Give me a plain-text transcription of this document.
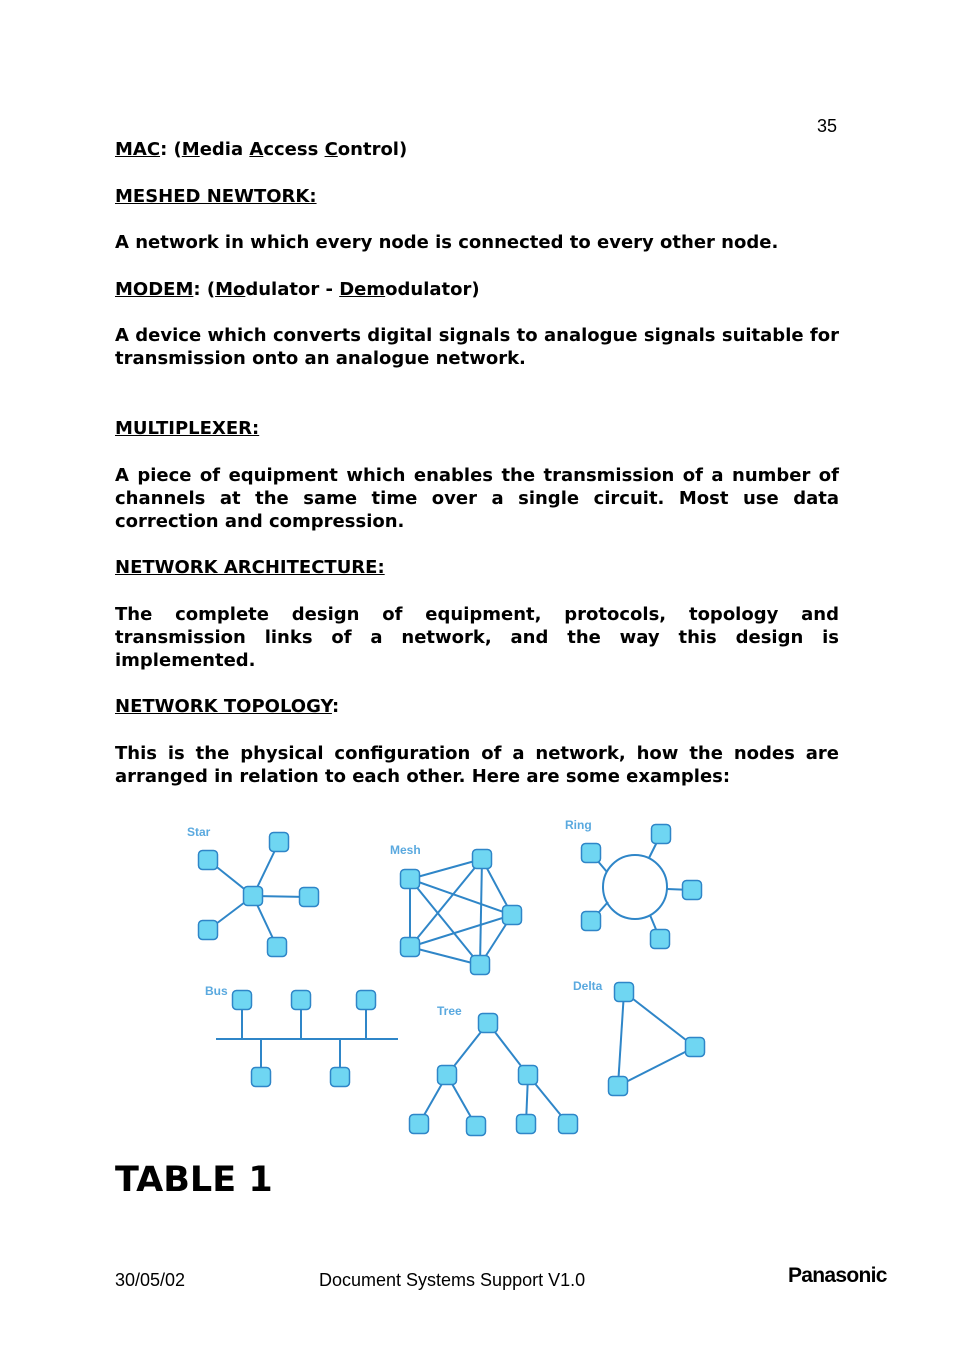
35

MAC: (Media Access Control)

MESHED NEWTORK:

A network in which every node is connected to every other node.

MODEM: (Modulator - Demodulator)

A device which converts digital signals to analogue signals suitable for transmission onto an analogue network.

MULTIPLEXER:

A piece of equipment which enables the transmission of a number of channels at the same time over a single circuit. Most use data correction and compression.

NETWORK ARCHITECTURE:

The complete design of equipment, protocols, topology and transmission links of a network, and the way this design is implemented.

NETWORK TOPOLOGY:

This is the physical configuration of a network, how the nodes are arranged in relation to each other. Here are some examples:

Star
Mesh
Ring
Bus
Tree
Delta
TABLE 1
30/05/02	Document Systems Support V1.0	Panasonic
